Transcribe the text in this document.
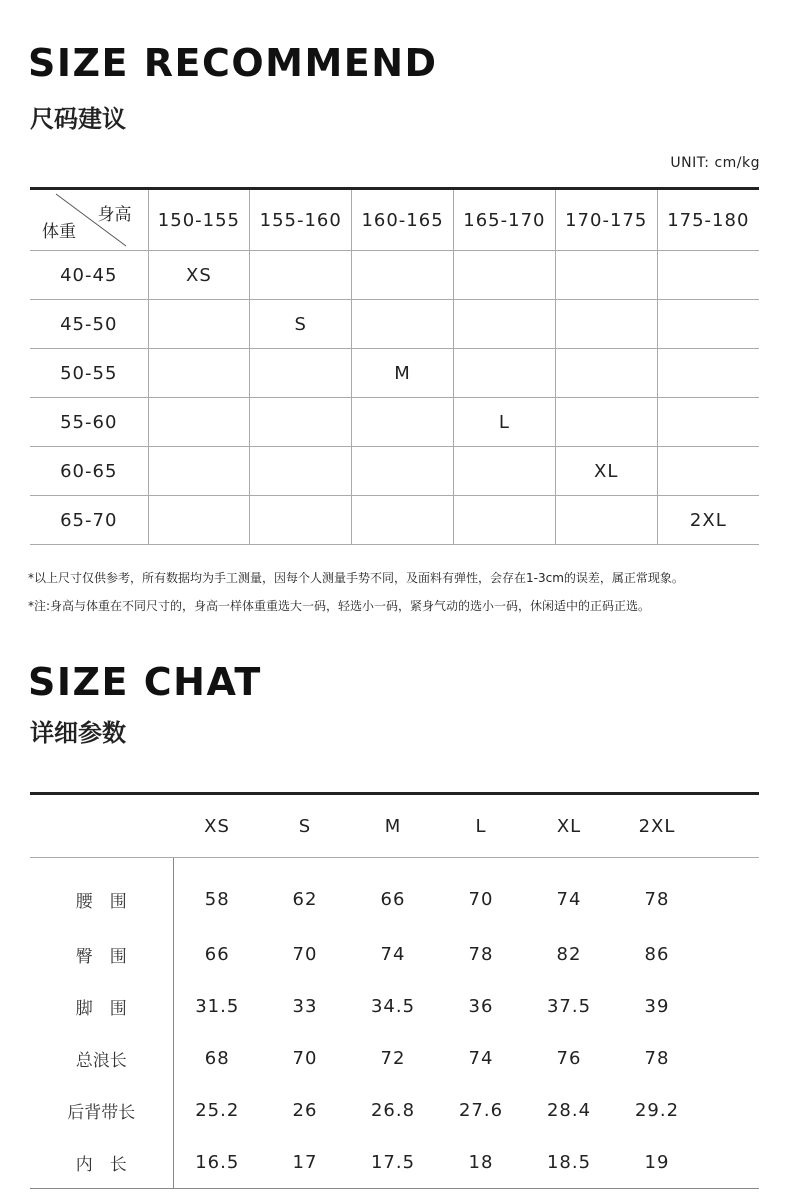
SIZE RECOMMEND
尺码建议
UNIT: cm/kg
身高
体重	150-155	155-160	160-165	165-170	170-175	175-180
40-45	XS					
45-50		S				
50-55			M			
55-60				L		
60-65					XL	
65-70						2XL

*以上尺寸仅供参考，所有数据均为手工测量，因每个人测量手势不同，及面料有弹性，会存在1-3cm的误差，属正常现象。

*注:身高与体重在不同尺寸的，身高一样体重重选大一码，轻选小一码，紧身气动的选小一码，休闲适中的正码正选。

SIZE CHAT
详细参数
	XS	S	M	L	XL	2XL	
腰　围	58	62	66	70	74	78	
臀　围	66	70	74	78	82	86	
脚　围	31.5	33	34.5	36	37.5	39	
总浪长	68	70	72	74	76	78	
后背带长	25.2	26	26.8	27.6	28.4	29.2	
内　长	16.5	17	17.5	18	18.5	19	
